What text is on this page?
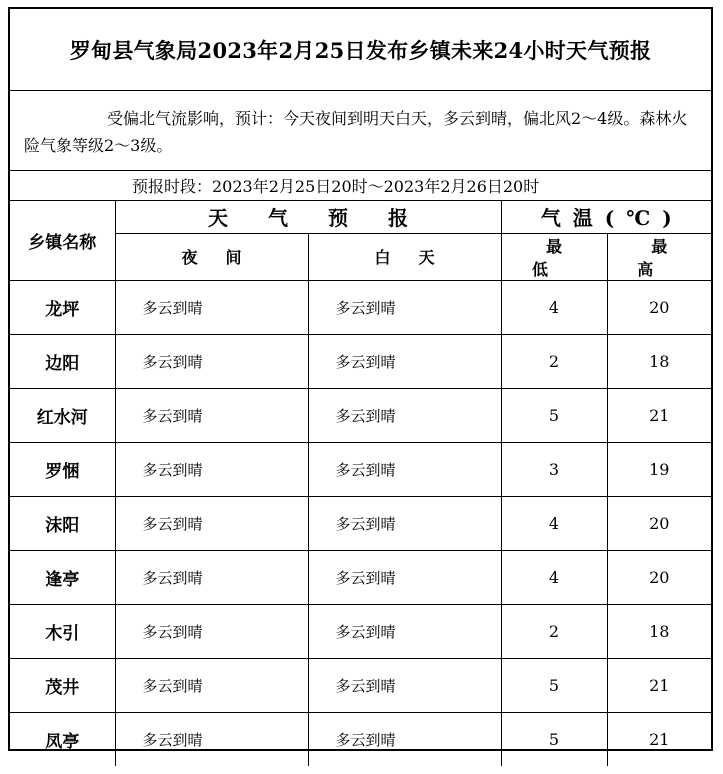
罗甸县气象局2023年2月25日发布乡镇未来24小时天气预报
受偏北气流影响，预计：今天夜间到明天白天，多云到晴，偏北风2～4级。森林火险气象等级2～3级。
预报时段：2023年2月25日20时～2023年2月26日20时
乡镇名称	天气预报		气温(℃)	
	夜间	白天	最低	最高
龙坪	多云到晴	多云到晴	4	20
边阳	多云到晴	多云到晴	2	18
红水河	多云到晴	多云到晴	5	21
罗悃	多云到晴	多云到晴	3	19
沫阳	多云到晴	多云到晴	4	20
逢亭	多云到晴	多云到晴	4	20
木引	多云到晴	多云到晴	2	18
茂井	多云到晴	多云到晴	5	21
凤亭	多云到晴	多云到晴	5	21
